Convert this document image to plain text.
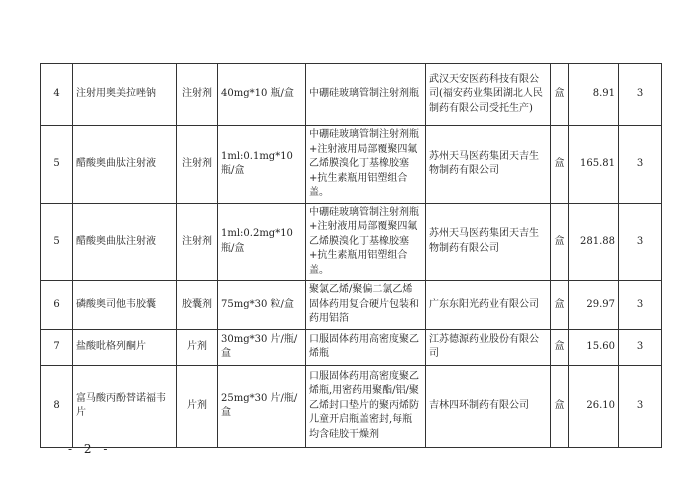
4	注射用奥美拉唑钠	注射剂	40mg*10 瓶/盒	中硼硅玻璃管制注射剂瓶	武汉天安医药科技有限公司(福安药业集团湖北人民制药有限公司受托生产)	盒	8.91	3
5	醋酸奥曲肽注射液	注射剂	1ml:0.1mg*10 瓶/盒	中硼硅玻璃管制注射剂瓶+注射液用局部覆聚四氟乙烯膜溴化丁基橡胶塞+抗生素瓶用铝塑组合盖。	苏州天马医药集团天吉生物制药有限公司	盒	165.81	3
5	醋酸奥曲肽注射液	注射剂	1ml:0.2mg*10 瓶/盒	中硼硅玻璃管制注射剂瓶+注射液用局部覆聚四氟乙烯膜溴化丁基橡胶塞+抗生素瓶用铝塑组合盖。	苏州天马医药集团天吉生物制药有限公司	盒	281.88	3
6	磷酸奥司他韦胶囊	胶囊剂	75mg*30 粒/盒	聚氯乙烯/聚偏二氯乙烯固体药用复合硬片包装和药用铝箔	广东东阳光药业有限公司	盒	29.97	3
7	盐酸吡格列酮片	片剂	30mg*30 片/瓶/盒	口服固体药用高密度聚乙烯瓶	江苏德源药业股份有限公司	盒	15.60	3
8	富马酸丙酚替诺福韦片	片剂	25mg*30 片/瓶/盒	口服固体药用高密度聚乙烯瓶,用密药用聚酯/铝/聚乙烯封口垫片的聚丙烯防儿童开启瓶盖密封,每瓶均含硅胶干燥剂	吉林四环制药有限公司	盒	26.10	3
- 2 -
